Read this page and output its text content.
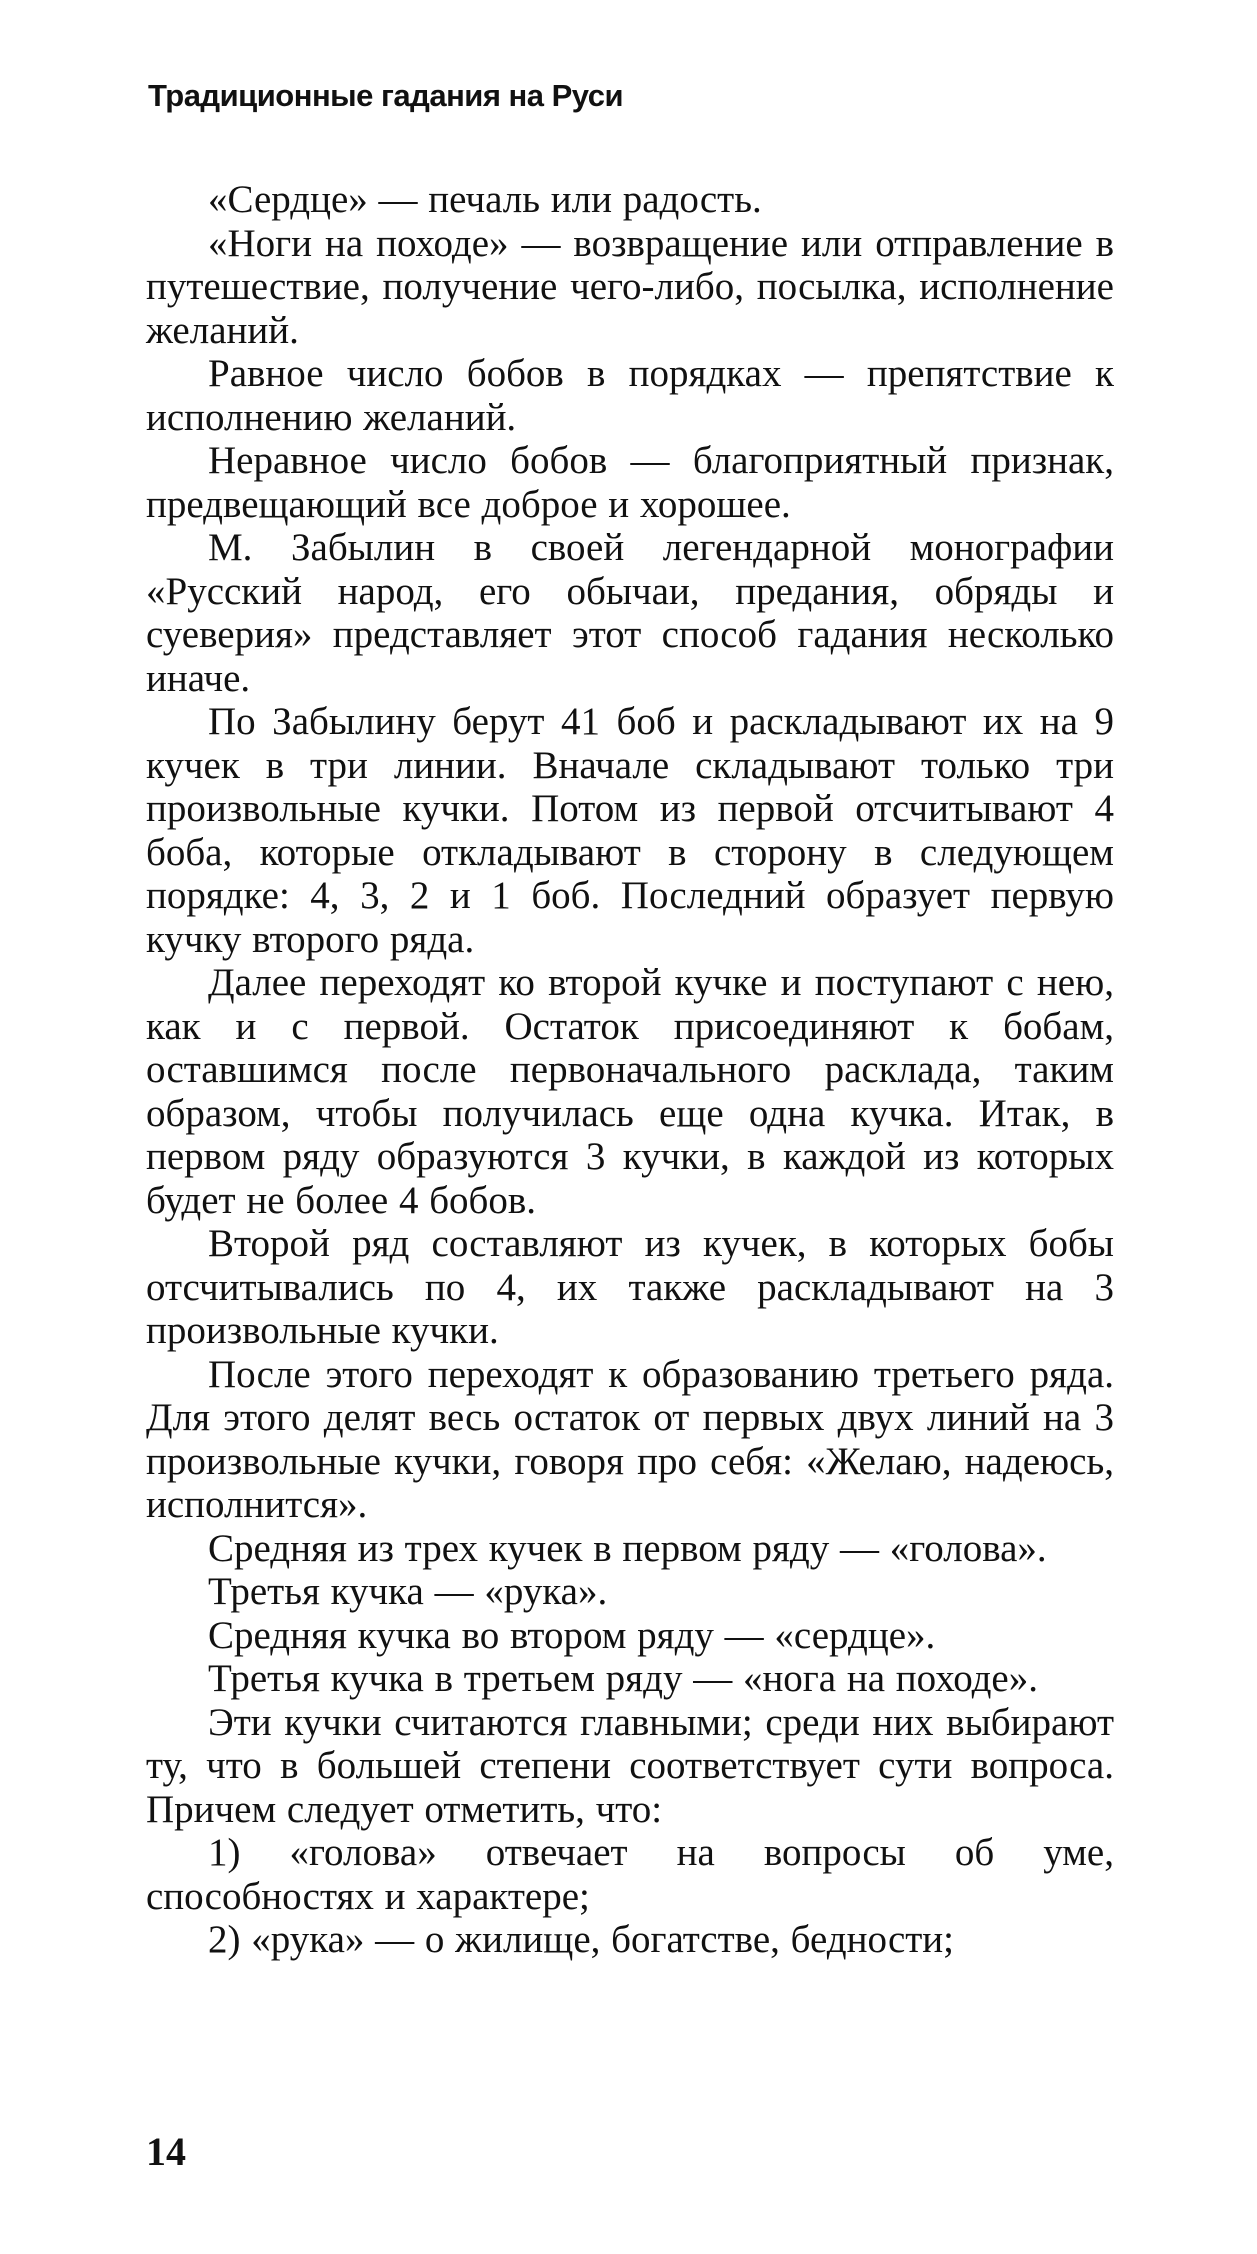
Традиционные гадания на Руси

«Сердце» — печаль или радость.

«Ноги на походе» — возвращение или отправление в путешествие, получение чего-либо, посылка, исполнение желаний.

Равное число бобов в порядках — препятствие к исполнению желаний.

Неравное число бобов — благоприятный признак, предвещающий все доброе и хорошее.

М. Забылин в своей легендарной монографии «Русский народ, его обычаи, предания, обряды и суеверия» представляет этот способ гадания несколько иначе.

По Забылину берут 41 боб и раскладывают их на 9 кучек в три линии. Вначале складывают только три произвольные кучки. Потом из первой отсчитывают 4 боба, которые откладывают в сторону в следующем порядке: 4, 3, 2 и 1 боб. Последний образует первую кучку второго ряда.

Далее переходят ко второй кучке и поступают с нею, как и с первой. Остаток присоединяют к бобам, оставшимся после первоначального расклада, таким образом, чтобы получилась еще одна кучка. Итак, в первом ряду образуются 3 кучки, в каждой из которых будет не более 4 бобов.

Второй ряд составляют из кучек, в которых бобы отсчитывались по 4, их также раскладывают на 3 произвольные кучки.

После этого переходят к образованию третьего ряда. Для этого делят весь остаток от первых двух линий на 3 произвольные кучки, говоря про себя: «Желаю, надеюсь, исполнится».

Средняя из трех кучек в первом ряду — «голова».

Третья кучка — «рука».

Средняя кучка во втором ряду — «сердце».

Третья кучка в третьем ряду — «нога на походе».

Эти кучки считаются главными; среди них выбирают ту, что в большей степени соответствует сути вопроса. Причем следует отметить, что:

1) «голова» отвечает на вопросы об уме, способностях и характере;

2) «рука» — о жилище, богатстве, бедности;

14
